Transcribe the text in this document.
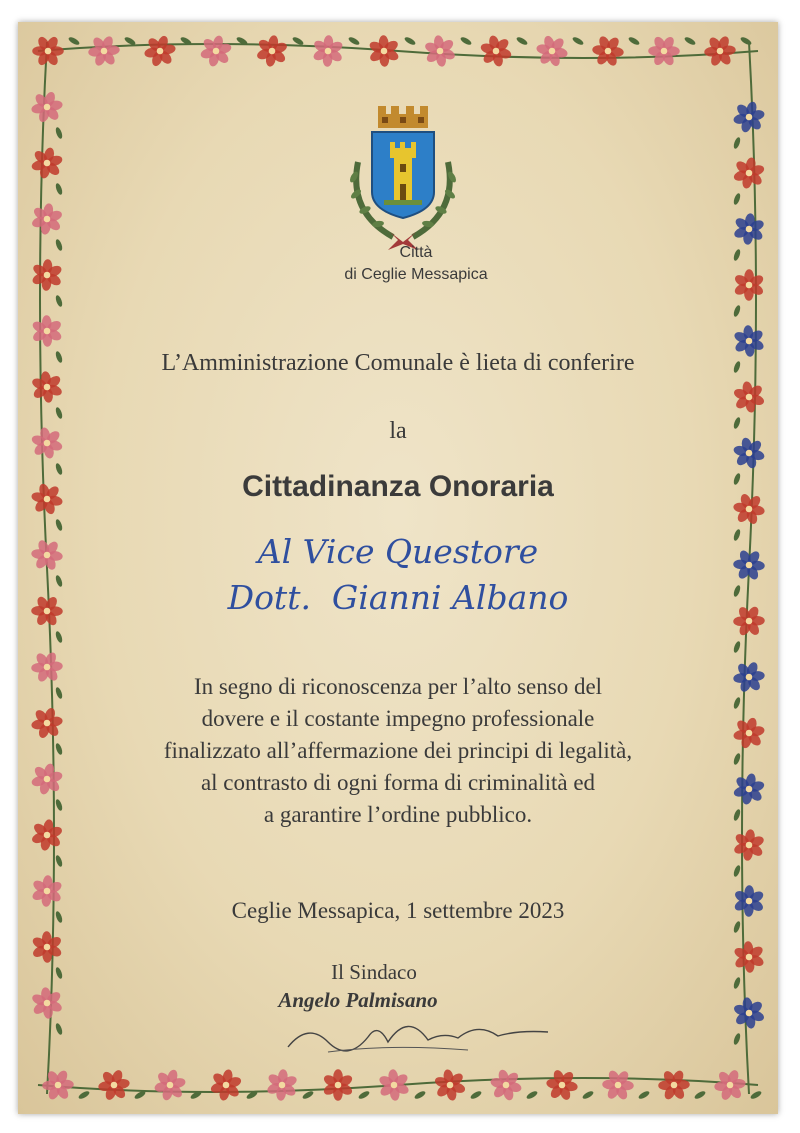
Città
di Ceglie Messapica
L’Amministrazione Comunale è lieta di conferire
la
Cittadinanza Onoraria
Al Vice Questore
Dott.  Gianni Albano
In segno di riconoscenza per l’alto senso del
dovere e il costante impegno professionale
finalizzato all’affermazione dei principi di legalità,
al contrasto di ogni forma di criminalità ed
a garantire l’ordine pubblico.
Ceglie Messapica, 1 settembre 2023
Il Sindaco
Angelo Palmisano
